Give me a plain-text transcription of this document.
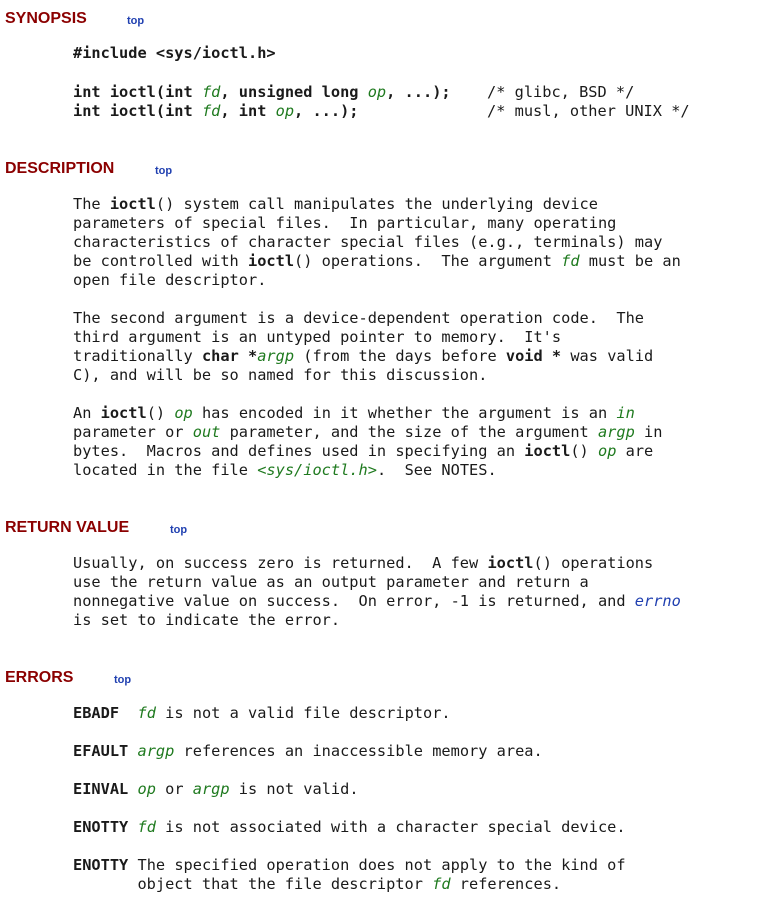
SYNOPSIS	top
#include <sys/ioctl.h>
int ioctl(int fd, unsigned long op, ...); /* glibc, BSD */
int ioctl(int fd, int op, ...);	/* musl, other UNIX */
DESCRIPTION	top
The ioctl() system call manipulates the underlying device
parameters of special files.  In particular, many operating
characteristics of character special files (e.g., terminals) may
be controlled with ioctl() operations.  The argument fd must be an
open file descriptor.
The second argument is a device-dependent operation code.  The
third argument is an untyped pointer to memory.  It's
traditionally char *argp (from the days before void * was valid
C), and will be so named for this discussion.
An ioctl() op has encoded in it whether the argument is an in
parameter or out parameter, and the size of the argument argp in
bytes.  Macros and defines used in specifying an ioctl() op are
located in the file <sys/ioctl.h>.  See NOTES.
RETURN VALUE	top
Usually, on success zero is returned.  A few ioctl() operations
use the return value as an output parameter and return a
nonnegative value on success.  On error, -1 is returned, and errno
is set to indicate the error.
ERRORS	top
EBADF fd is not a valid file descriptor.
EFAULT argp references an inaccessible memory area.
EINVAL op or argp is not valid.
ENOTTY fd is not associated with a character special device.
ENOTTY The specified operation does not apply to the kind of
object that the file descriptor fd references.
